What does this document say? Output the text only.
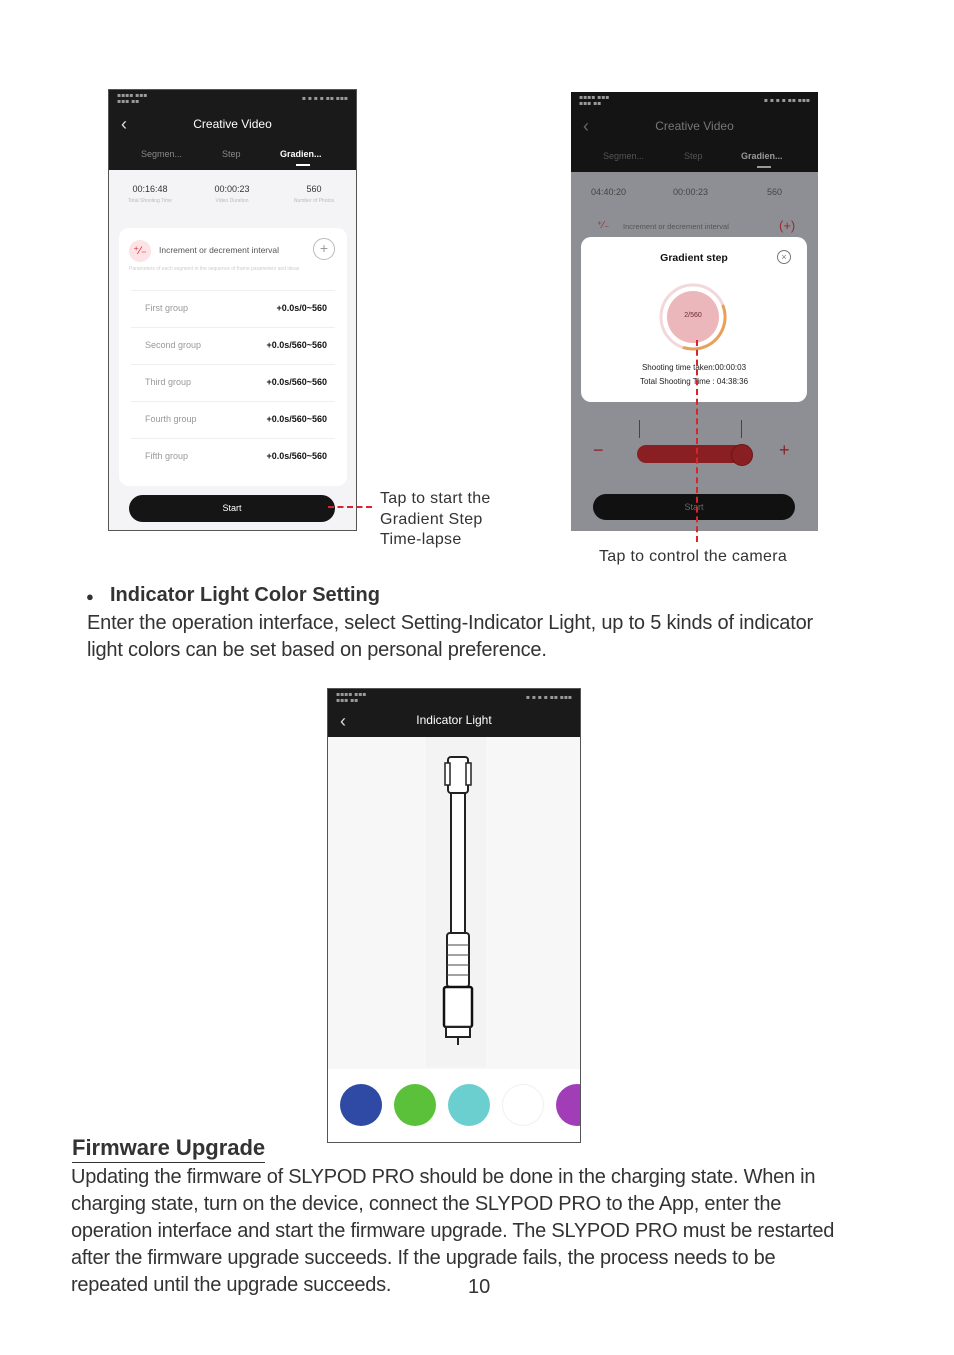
▪▪▪▪ ▪▪▪
▪▪▪ ▪▪	▪ ▪ ▪ ▪ ▪▪ ▪▪▪
‹	Creative Video
Segmen...	Step	Gradien...
00:16:48
Total Shooting Time
00:00:23
Video Duration
560
Number of Photos
⁺∕₋	Increment or decrement interval	+
Parameters of each segment in the sequence of frame parameters and ideas
First group	+0.0s/0~560
Second group	+0.0s/560~560
Third group	+0.0s/560~560
Fourth group	+0.0s/560~560
Fifth group	+0.0s/560~560
Start
Tap to start the
Gradient Step
Time-lapse
▪▪▪▪ ▪▪▪
▪▪▪ ▪▪	▪ ▪ ▪ ▪ ▪▪ ▪▪▪
‹	Creative Video
Segmen...	Step	Gradien...
04:40:20	00:00:23	560
⁺∕₋ Increment or decrement interval	(+)
Gradient step	×
2/560
Shooting time taken:00:00:03
Total Shooting Time : 04:38:36
−	+
Start
Tap to control the camera
● Indicator Light Color Setting
Enter the operation interface, select Setting-Indicator Light, up to 5 kinds of indicator
light colors can be set based on personal preference.
▪▪▪▪ ▪▪▪
▪▪▪ ▪▪	▪ ▪ ▪ ▪ ▪▪ ▪▪▪
‹	Indicator Light
Firmware Upgrade
Updating the firmware of SLYPOD PRO should be done in the charging state. When in
charging state, turn on the device, connect the SLYPOD PRO to the App, enter the
operation interface and start the firmware upgrade. The SLYPOD PRO must be restarted
after the firmware upgrade succeeds. If the upgrade fails, the process needs to be
repeated until the upgrade succeeds.	10
